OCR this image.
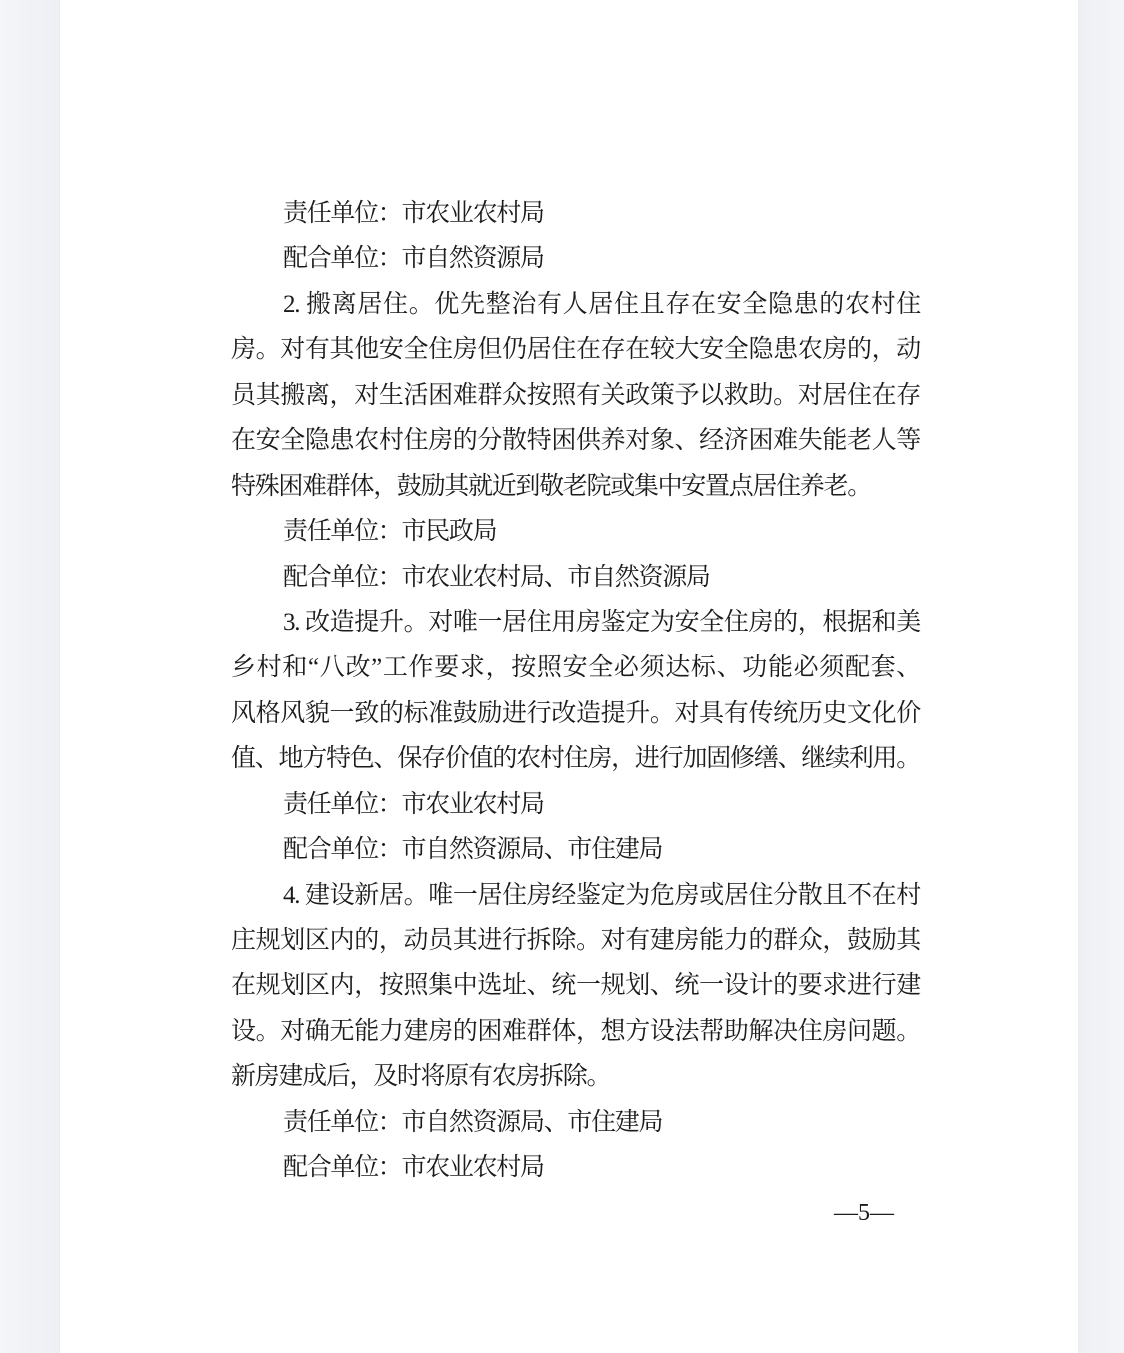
责任单位：市农业农村局
配合单位：市自然资源局
2. 搬离居住。优先整治有人居住且存在安全隐患的农村住
房。对有其他安全住房但仍居住在存在较大安全隐患农房的，动
员其搬离，对生活困难群众按照有关政策予以救助。对居住在存
在安全隐患农村住房的分散特困供养对象、经济困难失能老人等
特殊困难群体，鼓励其就近到敬老院或集中安置点居住养老。
责任单位：市民政局
配合单位：市农业农村局、市自然资源局
3. 改造提升。对唯一居住用房鉴定为安全住房的，根据和美
乡村和“八改”工作要求，按照安全必须达标、功能必须配套、
风格风貌一致的标准鼓励进行改造提升。对具有传统历史文化价
值、地方特色、保存价值的农村住房，进行加固修缮、继续利用。
责任单位：市农业农村局
配合单位：市自然资源局、市住建局
4. 建设新居。唯一居住房经鉴定为危房或居住分散且不在村
庄规划区内的，动员其进行拆除。对有建房能力的群众，鼓励其
在规划区内，按照集中选址、统一规划、统一设计的要求进行建
设。对确无能力建房的困难群体，想方设法帮助解决住房问题。
新房建成后，及时将原有农房拆除。
责任单位：市自然资源局、市住建局
配合单位：市农业农村局
—5—
